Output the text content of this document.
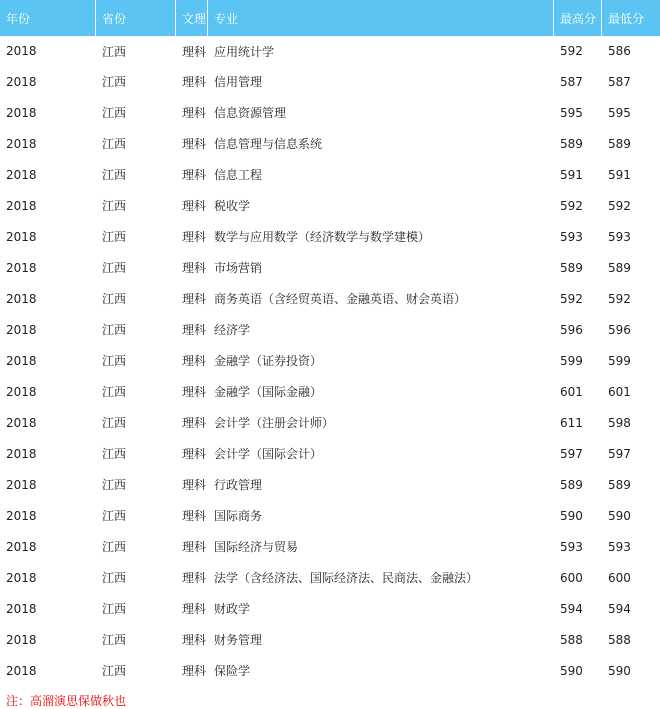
年份	省份	文理	专业	最高分	最低分
2018	江西	理科	应用统计学	592	586
2018	江西	理科	信用管理	587	587
2018	江西	理科	信息资源管理	595	595
2018	江西	理科	信息管理与信息系统	589	589
2018	江西	理科	信息工程	591	591
2018	江西	理科	税收学	592	592
2018	江西	理科	数学与应用数学（经济数学与数学建模）	593	593
2018	江西	理科	市场营销	589	589
2018	江西	理科	商务英语（含经贸英语、金融英语、财会英语）	592	592
2018	江西	理科	经济学	596	596
2018	江西	理科	金融学（证券投资）	599	599
2018	江西	理科	金融学（国际金融）	601	601
2018	江西	理科	会计学（注册会计师）	611	598
2018	江西	理科	会计学（国际会计）	597	597
2018	江西	理科	行政管理	589	589
2018	江西	理科	国际商务	590	590
2018	江西	理科	国际经济与贸易	593	593
2018	江西	理科	法学（含经济法、国际经济法、民商法、金融法）	600	600
2018	江西	理科	财政学	594	594
2018	江西	理科	财务管理	588	588
2018	江西	理科	保险学	590	590
注：高溜演思保做秋也
